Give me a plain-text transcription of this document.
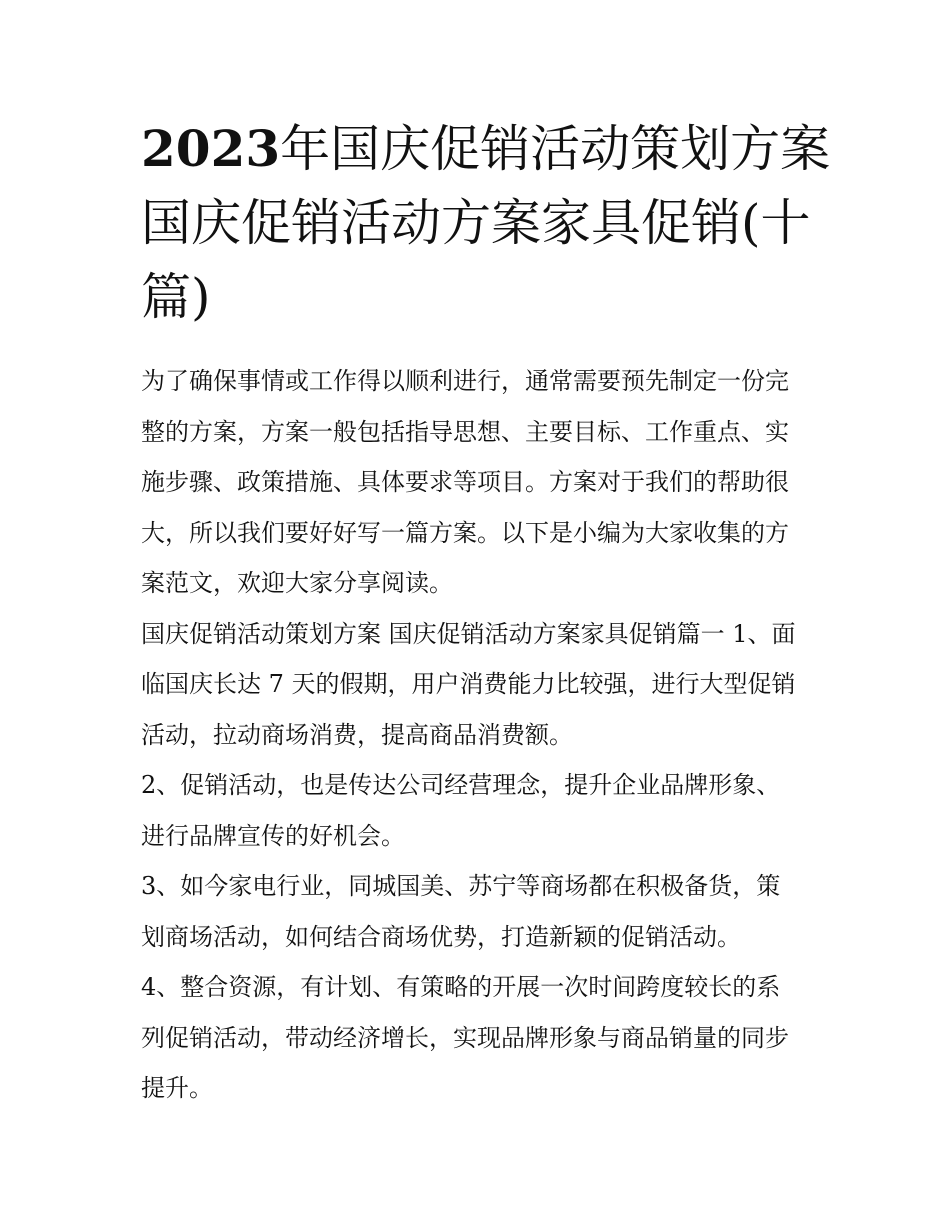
2023年国庆促销活动策划方案
国庆促销活动方案家具促销(十
篇)

为了确保事情或工作得以顺利进行，通常需要预先制定一份完
整的方案，方案一般包括指导思想、主要目标、工作重点、实
施步骤、政策措施、具体要求等项目。方案对于我们的帮助很
大，所以我们要好好写一篇方案。以下是小编为大家收集的方
案范文，欢迎大家分享阅读。

国庆促销活动策划方案 国庆促销活动方案家具促销篇一 1、面
临国庆长达 7 天的假期，用户消费能力比较强，进行大型促销
活动，拉动商场消费，提高商品消费额。

2、促销活动，也是传达公司经营理念，提升企业品牌形象、
进行品牌宣传的好机会。

3、如今家电行业，同城国美、苏宁等商场都在积极备货，策
划商场活动，如何结合商场优势，打造新颖的促销活动。

4、整合资源，有计划、有策略的开展一次时间跨度较长的系
列促销活动，带动经济增长，实现品牌形象与商品销量的同步
提升。
